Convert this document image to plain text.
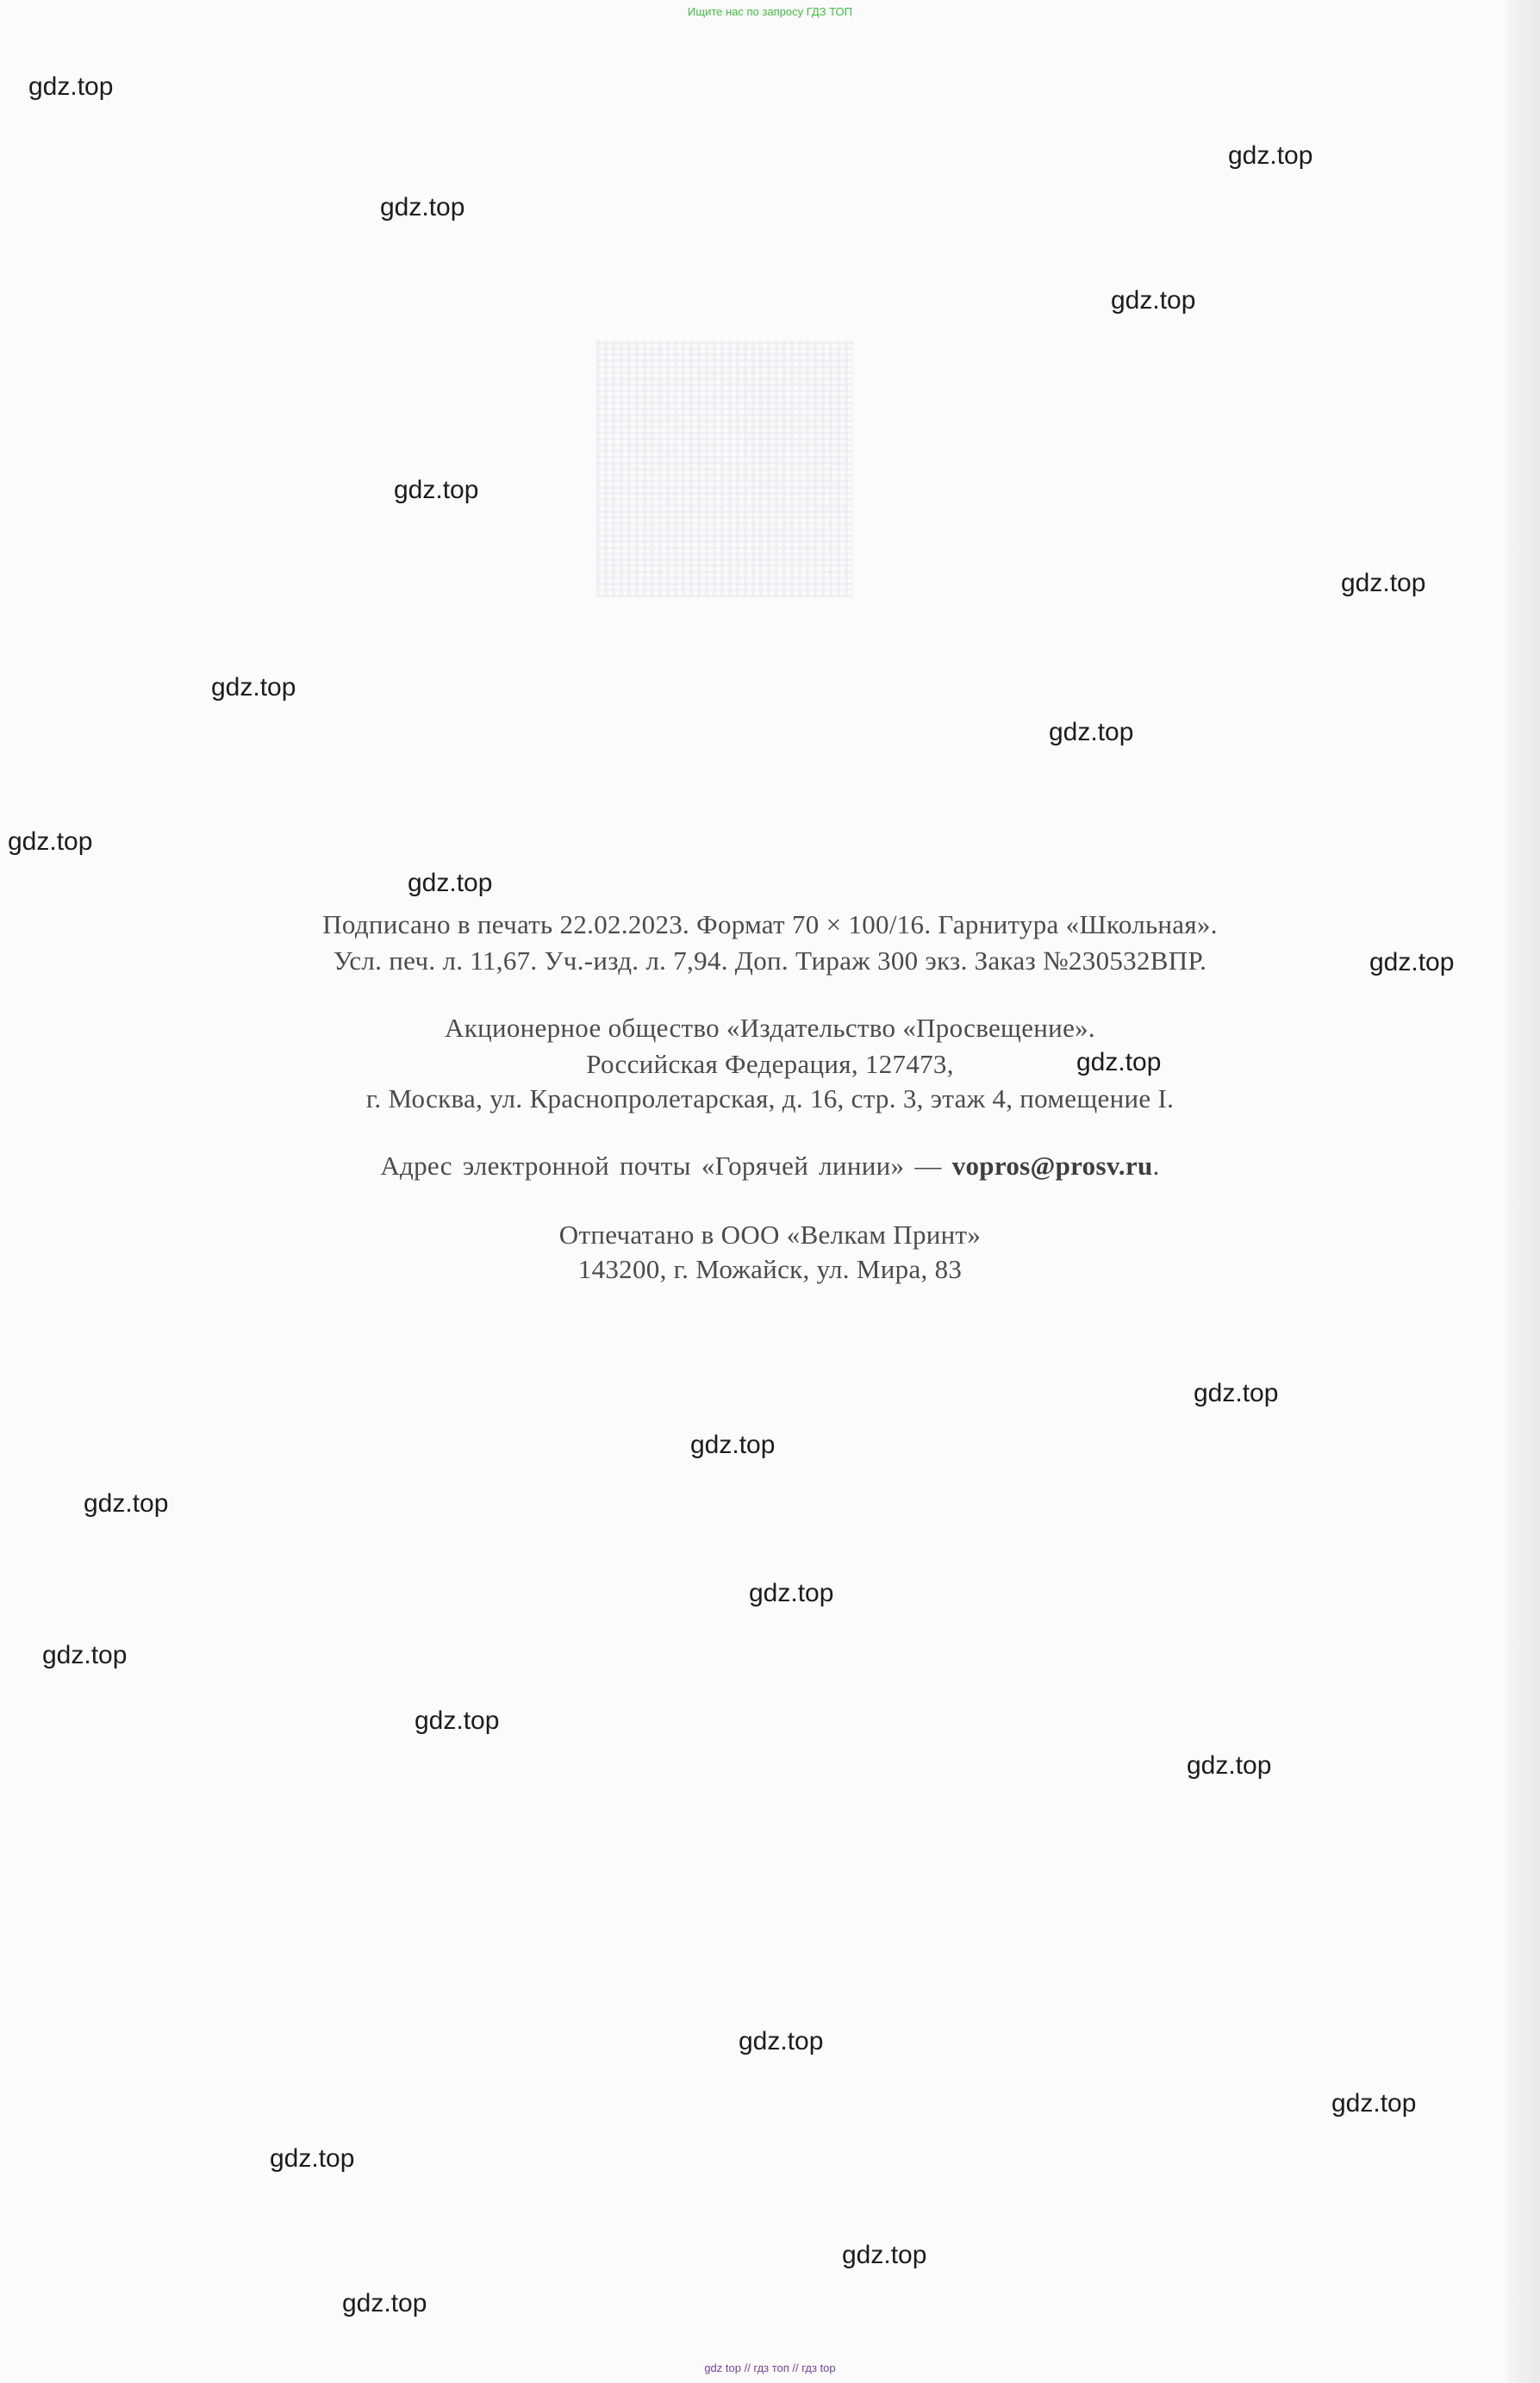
Ищите нас по запросу ГДЗ ТОП
Подписано в печать 22.02.2023. Формат 70 × 100/16. Гарнитура «Школьная».
Усл. печ. л. 11,67. Уч.-изд. л. 7,94. Доп. Тираж 300 экз. Заказ №230532ВПР.
Акционерное общество «Издательство «Просвещение».
Российская Федерация, 127473,
г. Москва, ул. Краснопролетарская, д. 16, стр. 3, этаж 4, помещение I.
Адрес электронной почты «Горячей линии» — vopros@prosv.ru.
Отпечатано в ООО «Велкам Принт»
143200, г. Можайск, ул. Мира, 83
gdz.top
gdz.top
gdz.top
gdz.top
gdz.top
gdz.top
gdz.top
gdz.top
gdz.top
gdz.top
gdz.top
gdz.top
gdz.top
gdz.top
gdz.top
gdz.top
gdz.top
gdz.top
gdz.top
gdz.top
gdz.top
gdz.top
gdz.top
gdz.top
gdz top // гдз топ // гдз top
